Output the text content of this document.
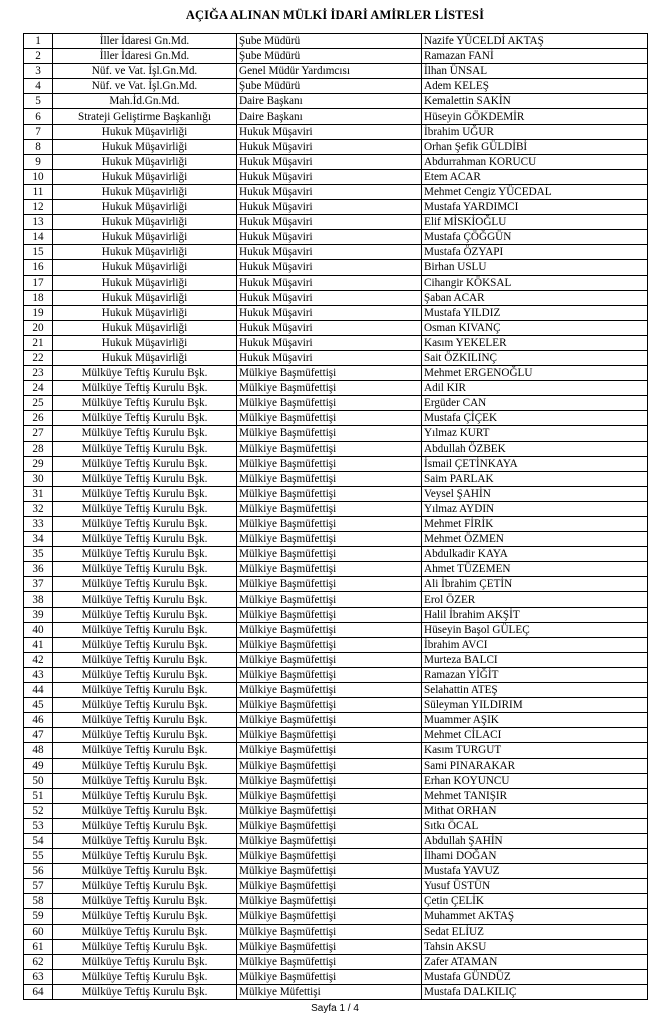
AÇIĞA ALINAN MÜLKİ İDARİ AMİRLER LİSTESİ
1	İller İdaresi Gn.Md.	Şube Müdürü	Nazife YÜCELDİ AKTAŞ
2	İller İdaresi Gn.Md.	Şube Müdürü	Ramazan FANİ
3	Nüf. ve Vat. İşl.Gn.Md.	Genel Müdür Yardımcısı	İlhan ÜNSAL
4	Nüf. ve Vat. İşl.Gn.Md.	Şube Müdürü	Adem KELEŞ
5	Mah.İd.Gn.Md.	Daire Başkanı	Kemalettin SAKİN
6	Strateji Geliştirme Başkanlığı	Daire Başkanı	Hüseyin GÖKDEMİR
7	Hukuk Müşavirliği	Hukuk Müşaviri	İbrahim UĞUR
8	Hukuk Müşavirliği	Hukuk Müşaviri	Orhan Şefik GÜLDİBİ
9	Hukuk Müşavirliği	Hukuk Müşaviri	Abdurrahman KORUCU
10	Hukuk Müşavirliği	Hukuk Müşaviri	Etem ACAR
11	Hukuk Müşavirliği	Hukuk Müşaviri	Mehmet Cengiz YÜCEDAL
12	Hukuk Müşavirliği	Hukuk Müşaviri	Mustafa YARDIMCI
13	Hukuk Müşavirliği	Hukuk Müşaviri	Elif MİSKİOĞLU
14	Hukuk Müşavirliği	Hukuk Müşaviri	Mustafa ÇÖĞGÜN
15	Hukuk Müşavirliği	Hukuk Müşaviri	Mustafa ÖZYAPI
16	Hukuk Müşavirliği	Hukuk Müşaviri	Birhan USLU
17	Hukuk Müşavirliği	Hukuk Müşaviri	Cihangir KÖKSAL
18	Hukuk Müşavirliği	Hukuk Müşaviri	Şaban ACAR
19	Hukuk Müşavirliği	Hukuk Müşaviri	Mustafa YILDIZ
20	Hukuk Müşavirliği	Hukuk Müşaviri	Osman KIVANÇ
21	Hukuk Müşavirliği	Hukuk Müşaviri	Kasım YEKELER
22	Hukuk Müşavirliği	Hukuk Müşaviri	Sait ÖZKILINÇ
23	Mülküye Teftiş Kurulu Bşk.	Mülkiye Başmüfettişi	Mehmet ERGENOĞLU
24	Mülküye Teftiş Kurulu Bşk.	Mülkiye Başmüfettişi	Adil KIR
25	Mülküye Teftiş Kurulu Bşk.	Mülkiye Başmüfettişi	Ergüder CAN
26	Mülküye Teftiş Kurulu Bşk.	Mülkiye Başmüfettişi	Mustafa ÇİÇEK
27	Mülküye Teftiş Kurulu Bşk.	Mülkiye Başmüfettişi	Yılmaz KURT
28	Mülküye Teftiş Kurulu Bşk.	Mülkiye Başmüfettişi	Abdullah ÖZBEK
29	Mülküye Teftiş Kurulu Bşk.	Mülkiye Başmüfettişi	İsmail ÇETİNKAYA
30	Mülküye Teftiş Kurulu Bşk.	Mülkiye Başmüfettişi	Saim PARLAK
31	Mülküye Teftiş Kurulu Bşk.	Mülkiye Başmüfettişi	Veysel ŞAHİN
32	Mülküye Teftiş Kurulu Bşk.	Mülkiye Başmüfettişi	Yılmaz AYDIN
33	Mülküye Teftiş Kurulu Bşk.	Mülkiye Başmüfettişi	Mehmet FİRİK
34	Mülküye Teftiş Kurulu Bşk.	Mülkiye Başmüfettişi	Mehmet ÖZMEN
35	Mülküye Teftiş Kurulu Bşk.	Mülkiye Başmüfettişi	Abdulkadir KAYA
36	Mülküye Teftiş Kurulu Bşk.	Mülkiye Başmüfettişi	Ahmet TÜZEMEN
37	Mülküye Teftiş Kurulu Bşk.	Mülkiye Başmüfettişi	Ali İbrahim ÇETİN
38	Mülküye Teftiş Kurulu Bşk.	Mülkiye Başmüfettişi	Erol ÖZER
39	Mülküye Teftiş Kurulu Bşk.	Mülkiye Başmüfettişi	Halil İbrahim AKŞİT
40	Mülküye Teftiş Kurulu Bşk.	Mülkiye Başmüfettişi	Hüseyin Başol GÜLEÇ
41	Mülküye Teftiş Kurulu Bşk.	Mülkiye Başmüfettişi	İbrahim AVCI
42	Mülküye Teftiş Kurulu Bşk.	Mülkiye Başmüfettişi	Murteza BALCI
43	Mülküye Teftiş Kurulu Bşk.	Mülkiye Başmüfettişi	Ramazan YİĞİT
44	Mülküye Teftiş Kurulu Bşk.	Mülkiye Başmüfettişi	Selahattin ATEŞ
45	Mülküye Teftiş Kurulu Bşk.	Mülkiye Başmüfettişi	Süleyman YILDIRIM
46	Mülküye Teftiş Kurulu Bşk.	Mülkiye Başmüfettişi	Muammer AŞIK
47	Mülküye Teftiş Kurulu Bşk.	Mülkiye Başmüfettişi	Mehmet CİLACI
48	Mülküye Teftiş Kurulu Bşk.	Mülkiye Başmüfettişi	Kasım TURGUT
49	Mülküye Teftiş Kurulu Bşk.	Mülkiye Başmüfettişi	Sami PINARAKAR
50	Mülküye Teftiş Kurulu Bşk.	Mülkiye Başmüfettişi	Erhan KOYUNCU
51	Mülküye Teftiş Kurulu Bşk.	Mülkiye Başmüfettişi	Mehmet TANIŞIR
52	Mülküye Teftiş Kurulu Bşk.	Mülkiye Başmüfettişi	Mithat ORHAN
53	Mülküye Teftiş Kurulu Bşk.	Mülkiye Başmüfettişi	Sıtkı ÖCAL
54	Mülküye Teftiş Kurulu Bşk.	Mülkiye Başmüfettişi	Abdullah ŞAHİN
55	Mülküye Teftiş Kurulu Bşk.	Mülkiye Başmüfettişi	İlhami DOĞAN
56	Mülküye Teftiş Kurulu Bşk.	Mülkiye Başmüfettişi	Mustafa YAVUZ
57	Mülküye Teftiş Kurulu Bşk.	Mülkiye Başmüfettişi	Yusuf ÜSTÜN
58	Mülküye Teftiş Kurulu Bşk.	Mülkiye Başmüfettişi	Çetin ÇELİK
59	Mülküye Teftiş Kurulu Bşk.	Mülkiye Başmüfettişi	Muhammet AKTAŞ
60	Mülküye Teftiş Kurulu Bşk.	Mülkiye Başmüfettişi	Sedat ELİUZ
61	Mülküye Teftiş Kurulu Bşk.	Mülkiye Başmüfettişi	Tahsin AKSU
62	Mülküye Teftiş Kurulu Bşk.	Mülkiye Başmüfettişi	Zafer ATAMAN
63	Mülküye Teftiş Kurulu Bşk.	Mülkiye Başmüfettişi	Mustafa GÜNDÜZ
64	Mülküye Teftiş Kurulu Bşk.	Mülkiye Müfettişi	Mustafa DALKILIÇ
Sayfa 1 / 4
